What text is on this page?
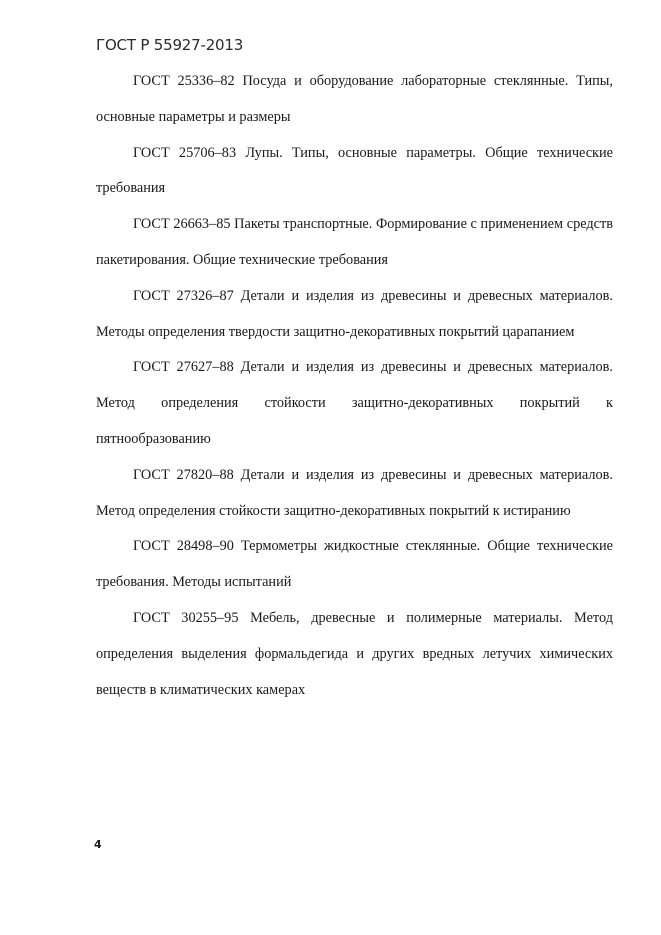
ГОСТ Р 55927-2013

ГОСТ 25336–82 Посуда и оборудование лабораторные стеклянные. Типы, основные параметры и размеры

ГОСТ 25706–83 Лупы. Типы, основные параметры. Общие технические требования

ГОСТ 26663–85 Пакеты транспортные. Формирование с применением средств пакетирования. Общие технические требования

ГОСТ 27326–87 Детали и изделия из древесины и древесных материалов. Методы определения твердости защитно-декоративных покрытий царапанием

ГОСТ 27627–88 Детали и изделия из древесины и древесных материалов. Метод определения стойкости защитно-декоративных покрытий к пятнообразованию

ГОСТ 27820–88 Детали и изделия из древесины и древесных материалов. Метод определения стойкости защитно-декоративных покрытий к истиранию

ГОСТ 28498–90 Термометры жидкостные стеклянные. Общие технические требования. Методы испытаний

ГОСТ 30255–95 Мебель, древесные и полимерные материалы. Метод определения выделения формальдегида и других вредных летучих химических веществ в климатических камерах

4
